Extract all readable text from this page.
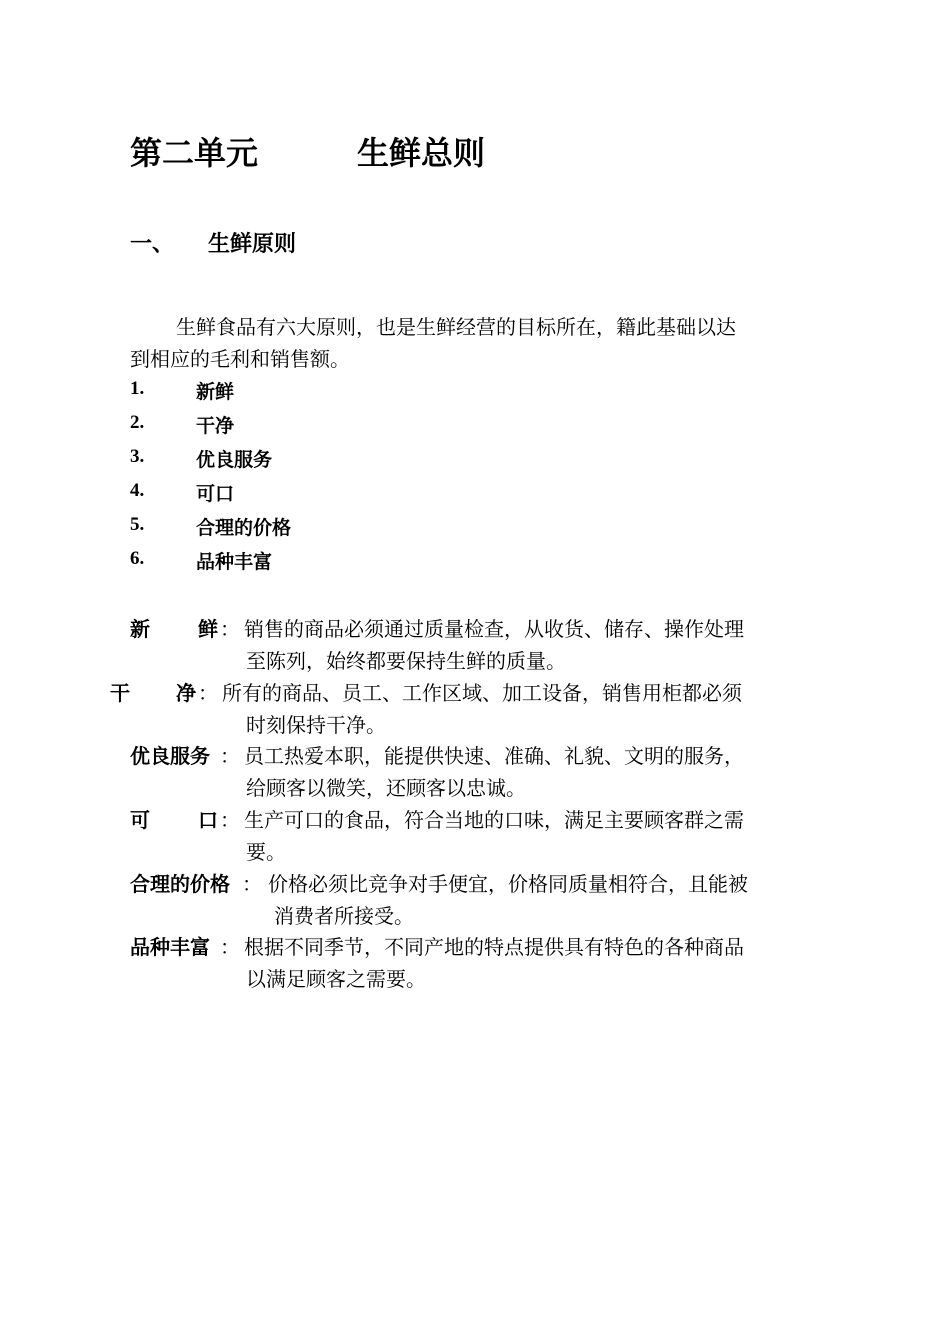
第二单元	生鲜总则
一、 生鲜原则
生鲜食品有六大原则，也是生鲜经营的目标所在，籍此基础以达
到相应的毛利和销售额。
1.	新鲜
2.	干净
3.	优良服务
4.	可口
5.	合理的价格
6.	品种丰富
新 鲜 ： 销售的商品必须通过质量检查，从收货、储存、操作处理
至陈列，始终都要保持生鲜的质量。
干 净 ： 所有的商品、员工、工作区域、加工设备，销售用柜都必须
时刻保持干净。
优良服务 ： 员工热爱本职，能提供快速、准确、礼貌、文明的服务，
给顾客以微笑，还顾客以忠诚。
可 口 ： 生产可口的食品，符合当地的口味，满足主要顾客群之需
要。
合理的价格 ： 价格必须比竞争对手便宜，价格同质量相符合，且能被
消费者所接受。
品种丰富 ： 根据不同季节，不同产地的特点提供具有特色的各种商品
以满足顾客之需要。
